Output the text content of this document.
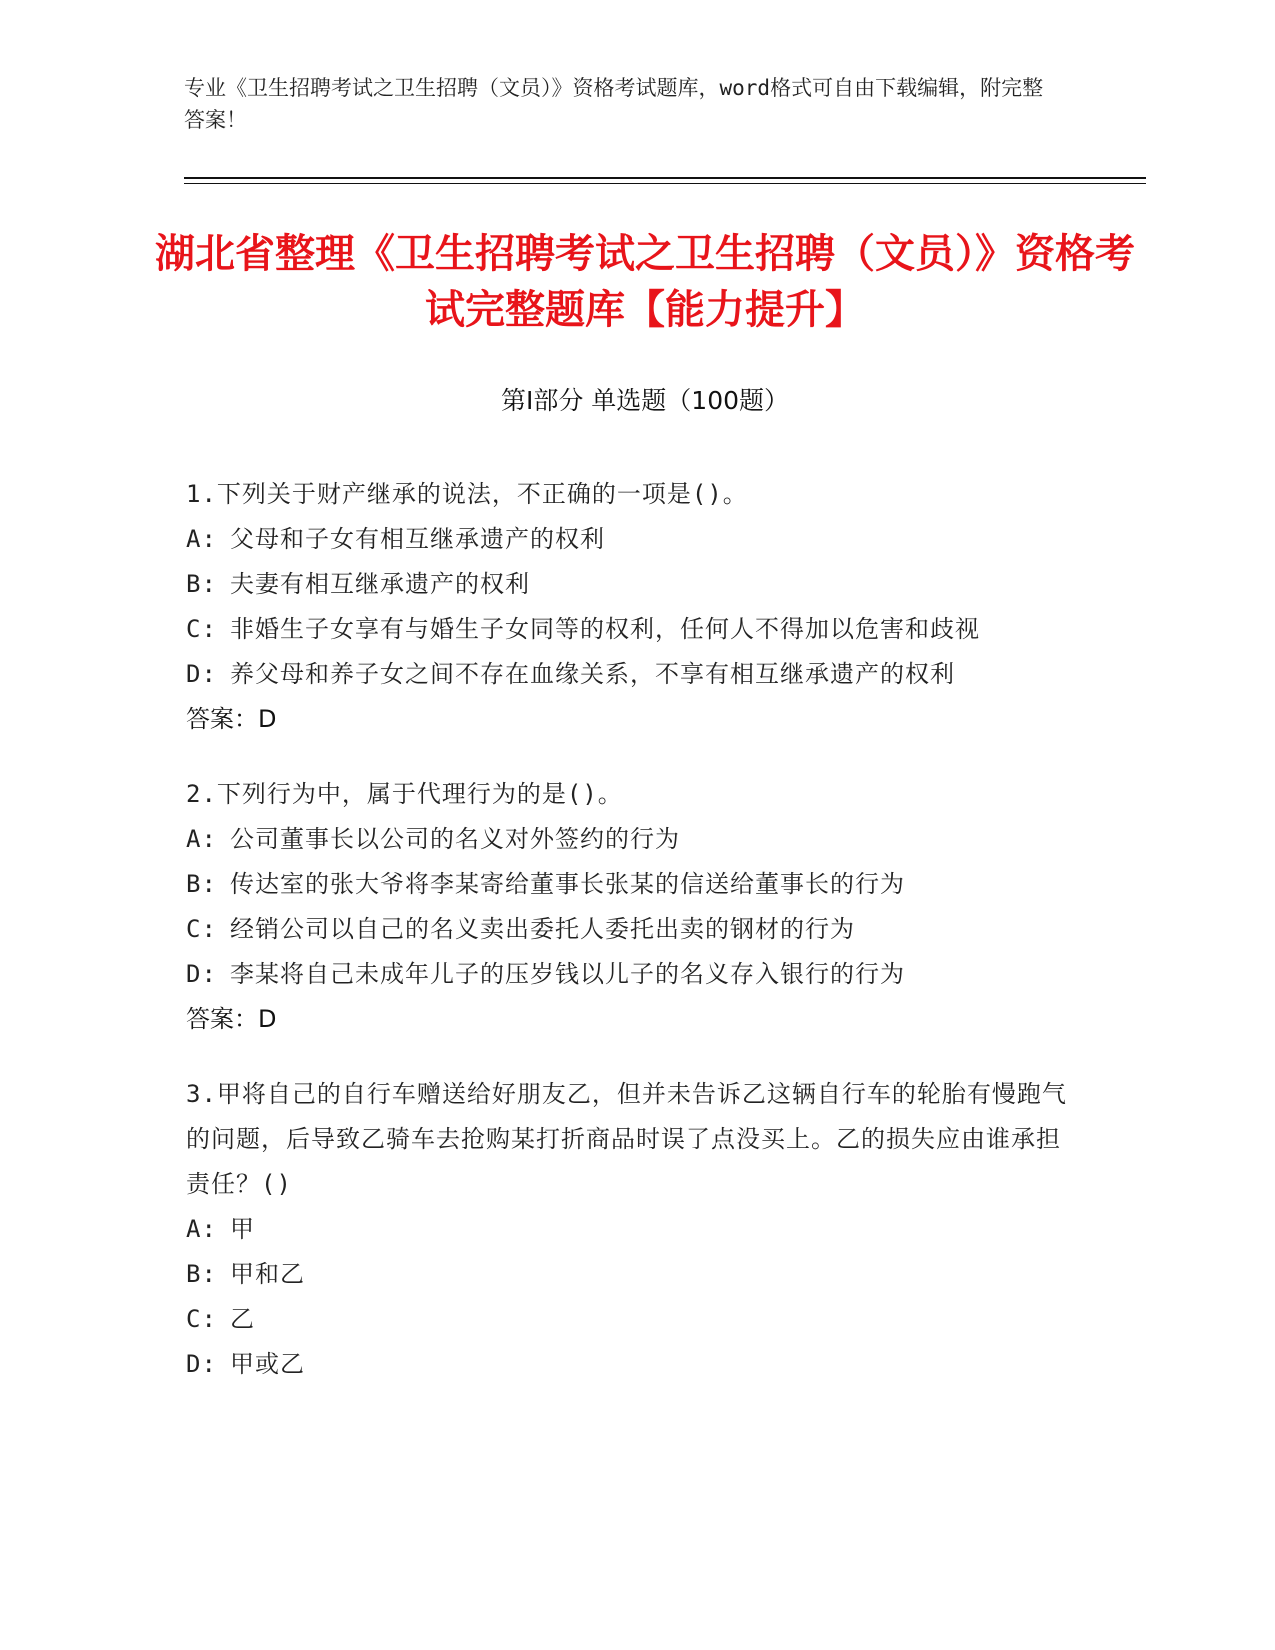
专业《卫生招聘考试之卫生招聘（文员）》资格考试题库，word格式可自由下载编辑，附完整答案！
湖北省整理《卫生招聘考试之卫生招聘（文员）》资格考试完整题库【能力提升】
第Ⅰ部分 单选题（100题）
1.下列关于财产继承的说法，不正确的一项是()。
A: 父母和子女有相互继承遗产的权利
B: 夫妻有相互继承遗产的权利
C: 非婚生子女享有与婚生子女同等的权利，任何人不得加以危害和歧视
D: 养父母和养子女之间不存在血缘关系，不享有相互继承遗产的权利
答案：D
2.下列行为中，属于代理行为的是()。
A: 公司董事长以公司的名义对外签约的行为
B: 传达室的张大爷将李某寄给董事长张某的信送给董事长的行为
C: 经销公司以自己的名义卖出委托人委托出卖的钢材的行为
D: 李某将自己未成年儿子的压岁钱以儿子的名义存入银行的行为
答案：D
3.甲将自己的自行车赠送给好朋友乙，但并未告诉乙这辆自行车的轮胎有慢跑气的问题，后导致乙骑车去抢购某打折商品时误了点没买上。乙的损失应由谁承担责任？()
A: 甲
B: 甲和乙
C: 乙
D: 甲或乙
